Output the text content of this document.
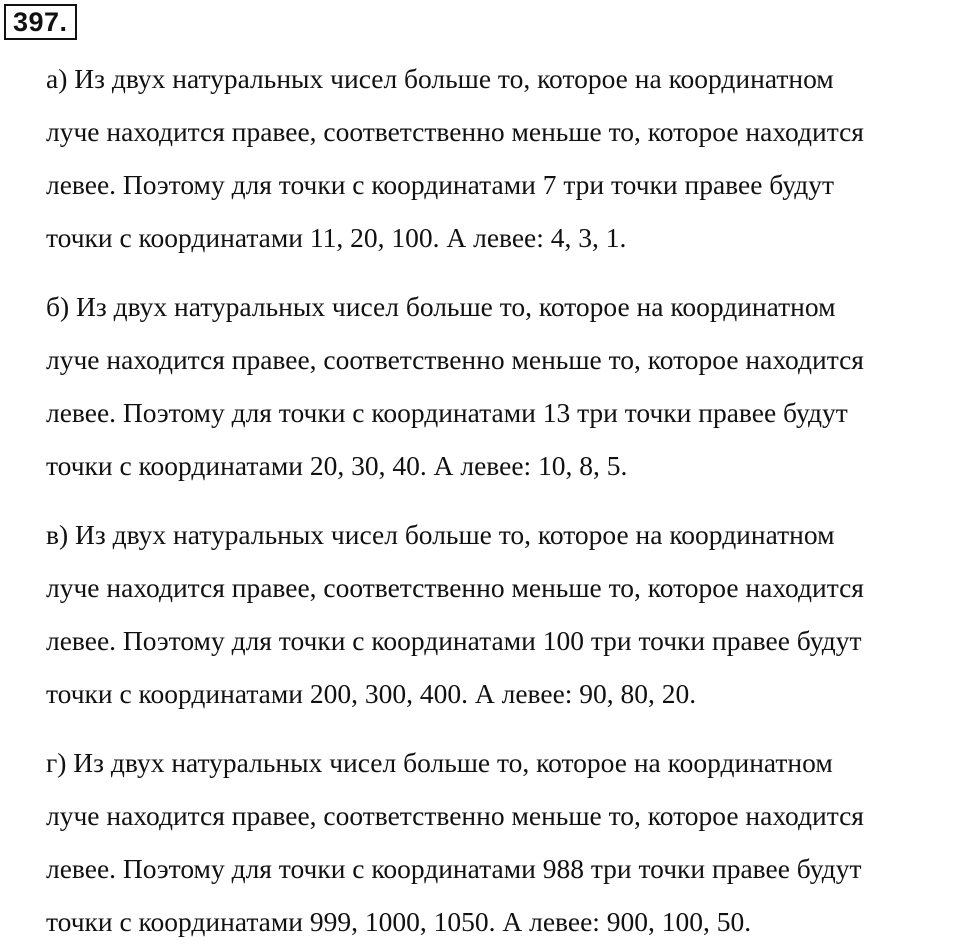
397.

а) Из двух натуральных чисел больше то, которое на координатном
луче находится правее, соответственно меньше то, которое находится
левее. Поэтому для точки с координатами 7 три точки правее будут
точки с координатами 11, 20, 100. А левее: 4, 3, 1.

б) Из двух натуральных чисел больше то, которое на координатном
луче находится правее, соответственно меньше то, которое находится
левее. Поэтому для точки с координатами 13 три точки правее будут
точки с координатами 20, 30, 40. А левее: 10, 8, 5.

в) Из двух натуральных чисел больше то, которое на координатном
луче находится правее, соответственно меньше то, которое находится
левее. Поэтому для точки с координатами 100 три точки правее будут
точки с координатами 200, 300, 400. А левее: 90, 80, 20.

г) Из двух натуральных чисел больше то, которое на координатном
луче находится правее, соответственно меньше то, которое находится
левее. Поэтому для точки с координатами 988 три точки правее будут
точки с координатами 999, 1000, 1050. А левее: 900, 100, 50.
